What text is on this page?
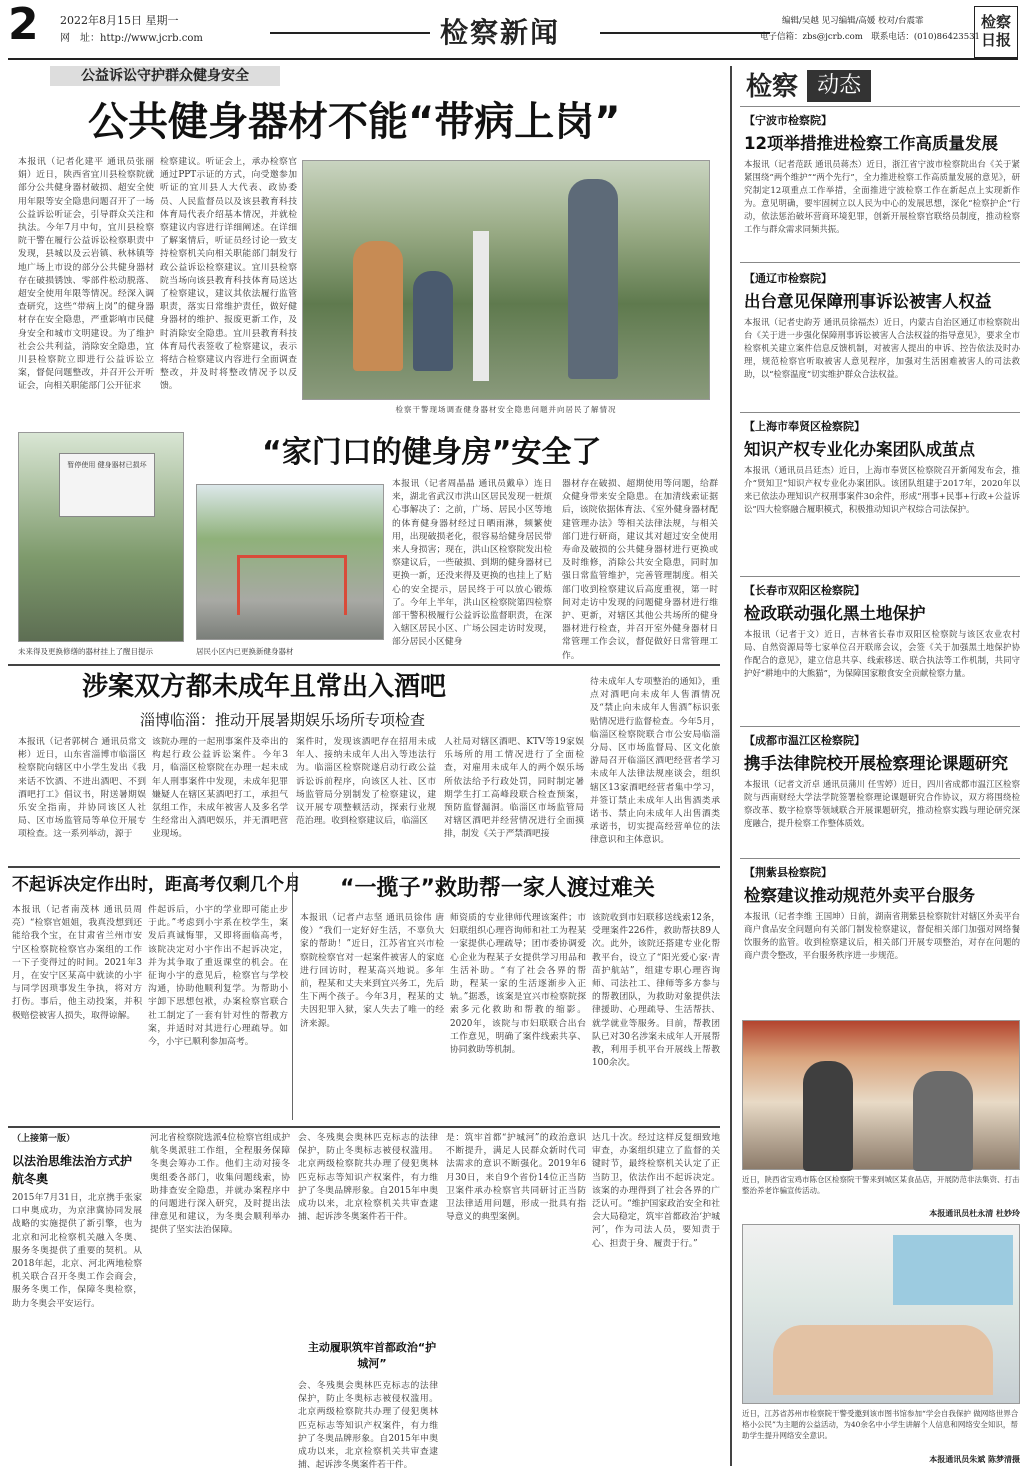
2 2022年8月15日 星期一
网　址：http://www.jcrb.com	检察新闻	编辑/吴越 见习编辑/高媛 校对/台震霏
电子信箱：zbs@jcrb.com　联系电话：(010)86423531
检察日报
公益诉讼守护群众健身安全
公共健身器材不能“带病上岗”
本报讯（记者化建平 通讯员张丽娟）近日，陕西省宜川县检察院就部分公共健身器材破损、超安全使用年限等安全隐患问题召开了一场公益诉讼听证会，引导群众关注和执法。今年7月中旬，宜川县检察院干警在履行公益诉讼检察职责中发现，县城以及云岩镇、秋林镇等地广场上市设的部分公共健身器材存在破损锈蚀、零部件松动脱落、超安全使用年限等情况。经深入调查研究，这些“带病上岗”的健身器材存在安全隐患，严重影响市民健身安全和城市文明建设。为了维护社会公共利益，消除安全隐患，宜川县检察院立即进行公益诉讼立案，督促问题整改，并召开公开听证会，向相关职能部门公开征求
检察建议。听证会上，承办检察官通过PPT示证的方式，向受邀参加听证的宜川县人大代表、政协委员、人民监督员以及该县教育科技体育局代表介绍基本情况，并就检察建议内容进行详细阐述。在详细了解案情后，听证员经讨论一致支持检察机关向相关职能部门制发行政公益诉讼检察建议。宜川县检察院当场向该县教育科技体育局送达了检察建议，建议其依法履行监管职责，落实日常维护责任，做好健身器材的维护、报废更新工作，及时消除安全隐患。宜川县教育科技体育局代表签收了检察建议，表示将结合检察建议内容进行全面调查整改，并及时将整改情况予以反馈。
检察干警现场调查健身器材安全隐患问题并向居民了解情况
暂停使用 健身器材已损坏
未来得及更换修缮的器材挂上了醒目提示
“家门口的健身房”安全了
居民小区内已更换新健身器材
本报讯（记者周晶晶 通讯员戴阜）连日来，湖北省武汉市洪山区居民发现一桩烦心事解决了：之前，广场、居民小区等地的体育健身器材经过日晒雨淋，频繁使用，出现破损老化，很容易给健身居民带来人身损害；现在，洪山区检察院发出检察建议后，一些破损、到期的健身器材已更换一新，还没来得及更换的也挂上了贴心的安全提示，居民终于可以放心锻炼了。今年上半年，洪山区检察院第四检察部干警积极履行公益诉讼监督职责，在深入辖区居民小区、广场公园走访时发现，部分居民小区健身
器材存在破损、超期使用等问题，给群众健身带来安全隐患。在加清线索证据后，该院依据体育法、《室外健身器材配建管理办法》等相关法律法规，与相关部门进行研商，建议其对超过安全使用寿命及破损的公共健身器材进行更换或及时维修，消除公共安全隐患，同时加强日常监管维护，完善管理制度。相关部门收到检察建议后高度重视，第一时间对走访中发现的问题健身器材进行维护、更新，对辖区其他公共场所的健身器材进行检查，并召开室外健身器材日常管理工作会议，督促做好日常管理工作。
涉案双方都未成年且常出入酒吧
淄博临淄：推动开展暑期娱乐场所专项检查
本报讯（记者郭树合 通讯员常文彬）近日，山东省淄博市临淄区检察院向辖区中小学生发出《我来话不饮酒、不进出酒吧、不到酒吧打工》倡议书，附送暑期娱乐安全指南，并协同该区人社局、区市场监管局等单位开展专项检查。这一系列举动，源于
该院办理的一起刑事案件及牵出的构起行政公益诉讼案件。今年3月，临淄区检察院在办理一起未成年人刑事案件中发现，未成年犯罪嫌疑人在辖区某酒吧打工，承担气氛组工作，未成年被害人及多名学生经常出入酒吧娱乐，并无酒吧营业现场。
案件时，发现该酒吧存在招用未成年人、接纳未成年人出入等违法行为。临淄区检察院遂启动行政公益诉讼诉前程序，向该区人社、区市场监管局分别制发了检察建议，建议开展专项整顿活动，探索行业规范治理。收到检察建议后，临淄区
人社局对辖区酒吧、KTV等19家娱乐场所的用工情况进行了全面检查，对雇用未成年人的两个娱乐场所依法给予行政处罚，同时制定暑期学生打工高峰段联合检查预案，预防监督漏洞。临淄区市场监管局对辖区酒吧并经营情况进行全面摸排，制发《关于严禁酒吧接
待未成年人专项整治的通知》，重点对酒吧向未成年人售酒情况及“禁止向未成年人售酒”标识张贴情况进行监督检查。今年5月，临淄区检察院联合市公安局临淄分局、区市场监督局、区文化旅游局召开临淄区酒吧经营者学习未成年人法律法规座谈会，组织辖区13家酒吧经营者集中学习，并签订禁止未成年人出售酒类承诺书、禁止向未成年人出售酒类承诺书，切实提高经营单位的法律意识和主体意识。
不起诉决定作出时，距高考仅剩几个月
本报讯（记者南茂林 通讯员周亮）“检察官姐姐，我真没想到还能给我个宝，在甘肃省兰州市安宁区检察院检察官办案组的工作一下子变得过的时间。2021年3月，在安宁区某高中就读的小宇与同学因琐事发生争执，将对方打伤。事后，他主动投案，并积极赔偿被害人损失，取得谅解。
件起诉后，小宇的学业即可能止步于此。”考虑到小宇系在校学生，案发后真诚悔罪，又即将面临高考，该院决定对小宇作出不起诉决定，并为其争取了重返课堂的机会。在征询小宇的意见后，检察官与学校沟通，协助他顺利复学。为帮助小宇卸下思想包袱，办案检察官联合社工制定了一套有针对性的帮教方案，并适时对其进行心理疏导。如今，小宇已顺利参加高考。
“一揽子”救助帮一家人渡过难关
本报讯（记者卢志坚 通讯员徐伟 唐俊）“我们一定好好生活，不辜负大家的帮助！”近日，江苏省宜兴市检察院检察官对一起案件被害人的家庭进行回访时，程某高兴地说。多年前，程某和丈夫来到宜兴务工，先后生下两个孩子。今年3月，程某的丈夫因犯罪入狱，家人失去了唯一的经济来源。
师资质的专业律师代理该案件；市妇联组织心理咨询师和社工为程某一家提供心理疏导；团市委协调爱心企业为程某子女提供学习用品和生活补助。“有了社会各界的帮助，程某一家的生活逐渐步入正轨。”据悉，该案是宜兴市检察院探索多元化救助和帮教的缩影。2020年，该院与市妇联联合出台工作意见，明确了案件线索共享、协同救助等机制。
该院收到市妇联移送线索12条，受理案件226件，救助帮扶89人次。此外，该院还搭建专业化帮教平台，设立了“阳光爱心家·青苗护航站”，组建专职心理咨询师、司法社工、律师等多方参与的帮教团队，为救助对象提供法律援助、心理疏导、生活帮扶、就学就业等服务。目前，帮教团队已对30名涉案未成年人开展帮教，利用手机平台开展线上帮教100余次。
（上接第一版）
以法治思维法治方式护航冬奥
2015年7月31日，北京携手张家口申奥成功，为京津冀协同发展战略的实施提供了新引擎，也为北京和河北检察机关融入冬奥、服务冬奥提供了重要的契机。从2018年起，北京、河北两地检察机关联合召开冬奥工作会商会，服务冬奥工作，保障冬奥检察，助力冬奥会平安运行。
河北省检察院选派4位检察官组成护航冬奥派驻工作组，全程服务保障冬奥会筹办工作。他们主动对接冬奥组委各部门，收集问题线索，协助排查安全隐患，并就办案程序中的问题进行深入研究，及时提出法律意见和建议，为冬奥会顺利举办提供了坚实法治保障。
会、冬残奥会奥林匹克标志的法律保护，防止冬奥标志被侵权滥用。北京两级检察院共办理了侵犯奥林匹克标志等知识产权案件，有力维护了冬奥品牌形象。自2015年申奥成功以来，北京检察机关共审查逮捕、起诉涉冬奥案件若干件。
主动履职筑牢首都政治“护城河”
会、冬残奥会奥林匹克标志的法律保护，防止冬奥标志被侵权滥用。北京两级检察院共办理了侵犯奥林匹克标志等知识产权案件，有力维护了冬奥品牌形象。自2015年申奥成功以来，北京检察机关共审查逮捕、起诉涉冬奥案件若干件。
是：筑牢首都“护城河”的政治意识不断提升，满足人民群众新时代司法需求的意识不断强化。2019年6月30日，来自9个省份14位正当防卫案件承办检察官共同研讨正当防卫法律适用问题，形成一批具有指导意义的典型案例。
达几十次。经过这样反复细致地审查，办案组织建立了监督的关键时节，最终检察机关认定了正当防卫，依法作出不起诉决定。该案的办理得到了社会各界的广泛认可。“维护国家政治安全和社会大局稳定，筑牢首都政治‘护城河’，作为司法人员，要知责于心、担责于身、履责于行。”
检察 动态
【宁波市检察院】
12项举措推进检察工作高质量发展
本报讯（记者范跃 通讯员蒋杰）近日，浙江省宁波市检察院出台《关于紧紧围绕“两个维护”“两个先行”，全力推进检察工作高质量发展的意见》，研究制定12项重点工作举措，全面推进宁波检察工作在新起点上实现新作为。意见明确，要牢固树立以人民为中心的发展思想，深化“检察护企”行动，依法惩治破坏营商环境犯罪，创新开展检察官联络员制度，推动检察工作与群众需求同频共振。
【通辽市检察院】
出台意见保障刑事诉讼被害人权益
本报讯（记者史韵芳 通讯员徐福杰）近日，内蒙古自治区通辽市检察院出台《关于进一步强化保障刑事诉讼被害人合法权益的指导意见》，要求全市检察机关建立案件信息反馈机制，对被害人提出的申诉、控告依法及时办理，规范检察官听取被害人意见程序，加强对生活困难被害人的司法救助，以“检察温度”切实维护群众合法权益。
【上海市奉贤区检察院】
知识产权专业化办案团队成茧点
本报讯（通讯员吕廷杰）近日，上海市奉贤区检察院召开新闻发布会，推介“贤知卫”知识产权专业化办案团队。该团队组建于2017年，2020年以来已依法办理知识产权刑事案件30余件，形成“刑事+民事+行政+公益诉讼”四大检察融合履职模式，积极推动知识产权综合司法保护。
【长春市双阳区检察院】
检政联动强化黑土地保护
本报讯（记者于文）近日，吉林省长春市双阳区检察院与该区农业农村局、自然资源局等七家单位召开联席会议，会签《关于加强黑土地保护协作配合的意见》，建立信息共享、线索移送、联合执法等工作机制，共同守护好“耕地中的大熊猫”，为保障国家粮食安全贡献检察力量。
【成都市温江区检察院】
携手法律院校开展检察理论课题研究
本报讯（记者文沂卓 通讯员蒲川 任雪婷）近日，四川省成都市温江区检察院与西南财经大学法学院签署检察理论课题研究合作协议，双方将围绕检察改革、数字检察等领域联合开展课题研究，推动检察实践与理论研究深度融合，提升检察工作整体质效。
【荆紫县检察院】
检察建议推动规范外卖平台服务
本报讯（记者李维 王国坤）日前，湖南省荆紫县检察院针对辖区外卖平台商户食品安全问题向有关部门制发检察建议，督促相关部门加强对网络餐饮服务的监管。收到检察建议后，相关部门开展专项整治，对存在问题的商户责令整改，平台服务秩序进一步规范。
近日，陕西省宝鸡市陈仓区检察院干警来到城区某食品店，开展防范非法集资、打击整治养老诈骗宣传活动。
本报通讯员杜永清 杜妙玲
近日，江苏省苏州市检察院干警受邀到该市图书馆参加“学会自我保护 做网络世界合格小公民”为主题的公益活动，为40余名中小学生讲解个人信息和网络安全知识，帮助学生提升网络安全意识。
本报通讯员朱斌 陈梦清摄
